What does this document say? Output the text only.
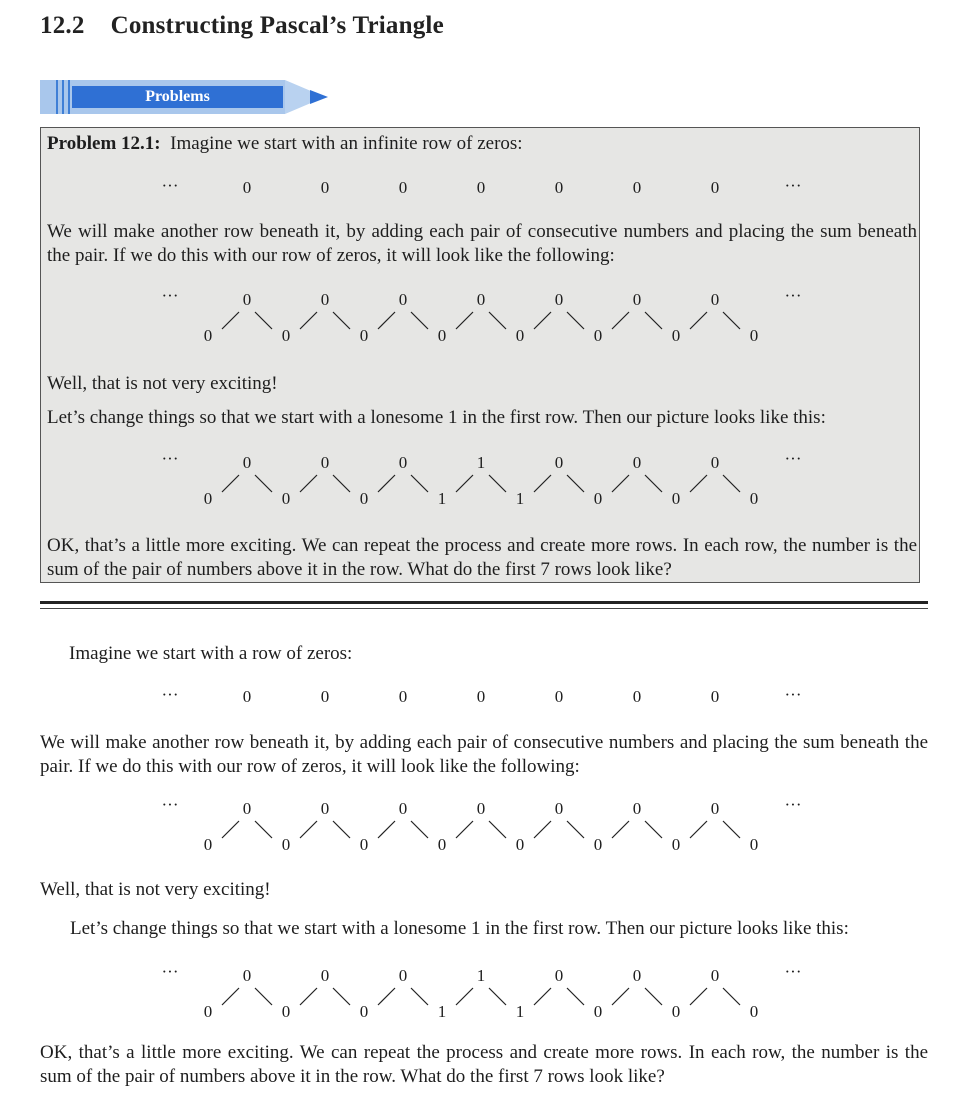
12.2 Constructing Pascal’s Triangle
Problems
Problem 12.1: Imagine we start with an infinite row of zeros:
···	0	0	0	0	0	0	0	···
We will make another row beneath it, by adding each pair of consecutive numbers and placing the sum beneath the pair. If we do this with our row of zeros, it will look like the following:
···	···
0	0	0	0	0	0	0
0	0	0	0	0	0	0	0
Well, that is not very exciting!
Let’s change things so that we start with a lonesome 1 in the first row. Then our picture looks like this:
···	···
0	0	0	1	0	0	0
0	0	0	1	1	0	0	0
OK, that’s a little more exciting. We can repeat the process and create more rows. In each row, the number is the sum of the pair of numbers above it in the row. What do the first 7 rows look like?
Imagine we start with a row of zeros:
···	0	0	0	0	0	0	0	···
We will make another row beneath it, by adding each pair of consecutive numbers and placing the sum beneath the pair. If we do this with our row of zeros, it will look like the following:
···	···
0	0	0	0	0	0	0
0	0	0	0	0	0	0	0
Well, that is not very exciting!
Let’s change things so that we start with a lonesome 1 in the first row. Then our picture looks like this:
···	···
0	0	0	1	0	0	0
0	0	0	1	1	0	0	0
OK, that’s a little more exciting. We can repeat the process and create more rows. In each row, the number is the sum of the pair of numbers above it in the row. What do the first 7 rows look like?
